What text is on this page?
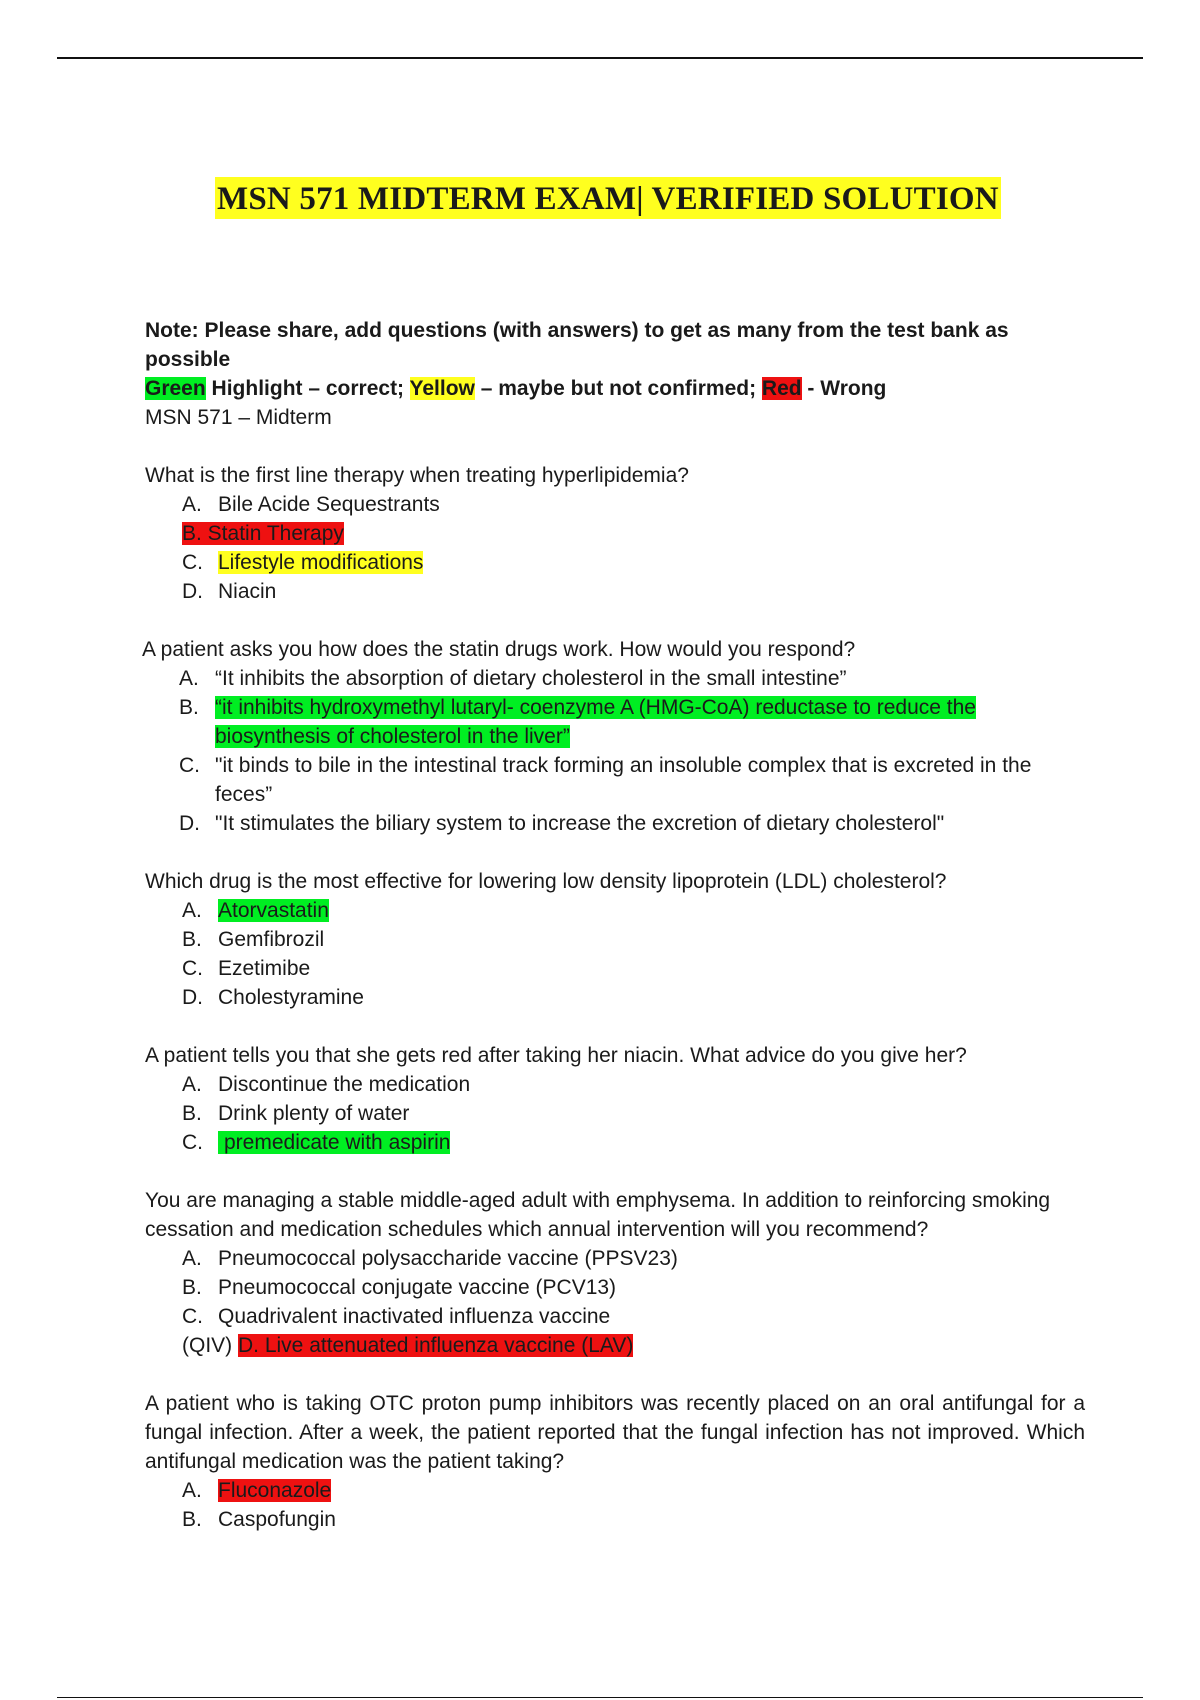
MSN 571 MIDTERM EXAM| VERIFIED SOLUTION

Note: Please share, add questions (with answers) to get as many from the test bank as possible

Green Highlight – correct; Yellow – maybe but not confirmed; Red - Wrong

MSN 571 – Midterm

What is the first line therapy when treating hyperlipidemia?

A. Bile Acide Sequestrants

B. Statin Therapy

C. Lifestyle modifications
D. Niacin

A patient asks you how does the statin drugs work. How would you respond?

A. “It inhibits the absorption of dietary cholesterol in the small intestine”
B. “it inhibits hydroxymethyl lutaryl- coenzyme A (HMG-CoA) reductase to reduce the biosynthesis of cholesterol in the liver”
C. "it binds to bile in the intestinal track forming an insoluble complex that is excreted in the feces”
D. "It stimulates the biliary system to increase the excretion of dietary cholesterol"

Which drug is the most effective for lowering low density lipoprotein (LDL) cholesterol?

A. Atorvastatin
B. Gemfibrozil
C. Ezetimibe
D. Cholestyramine

A patient tells you that she gets red after taking her niacin. What advice do you give her?

A. Discontinue the medication
B. Drink plenty of water
C. premedicate with aspirin

You are managing a stable middle-aged adult with emphysema. In addition to reinforcing smoking cessation and medication schedules which annual intervention will you recommend?

A. Pneumococcal polysaccharide vaccine (PPSV23)
B. Pneumococcal conjugate vaccine (PCV13)
C. Quadrivalent inactivated influenza vaccine

(QIV) D. Live attenuated influenza vaccine (LAV)

A patient who is taking OTC proton pump inhibitors was recently placed on an oral antifungal for a fungal infection. After a week, the patient reported that the fungal infection has not improved. Which antifungal medication was the patient taking?

A. Fluconazole
B. Caspofungin
